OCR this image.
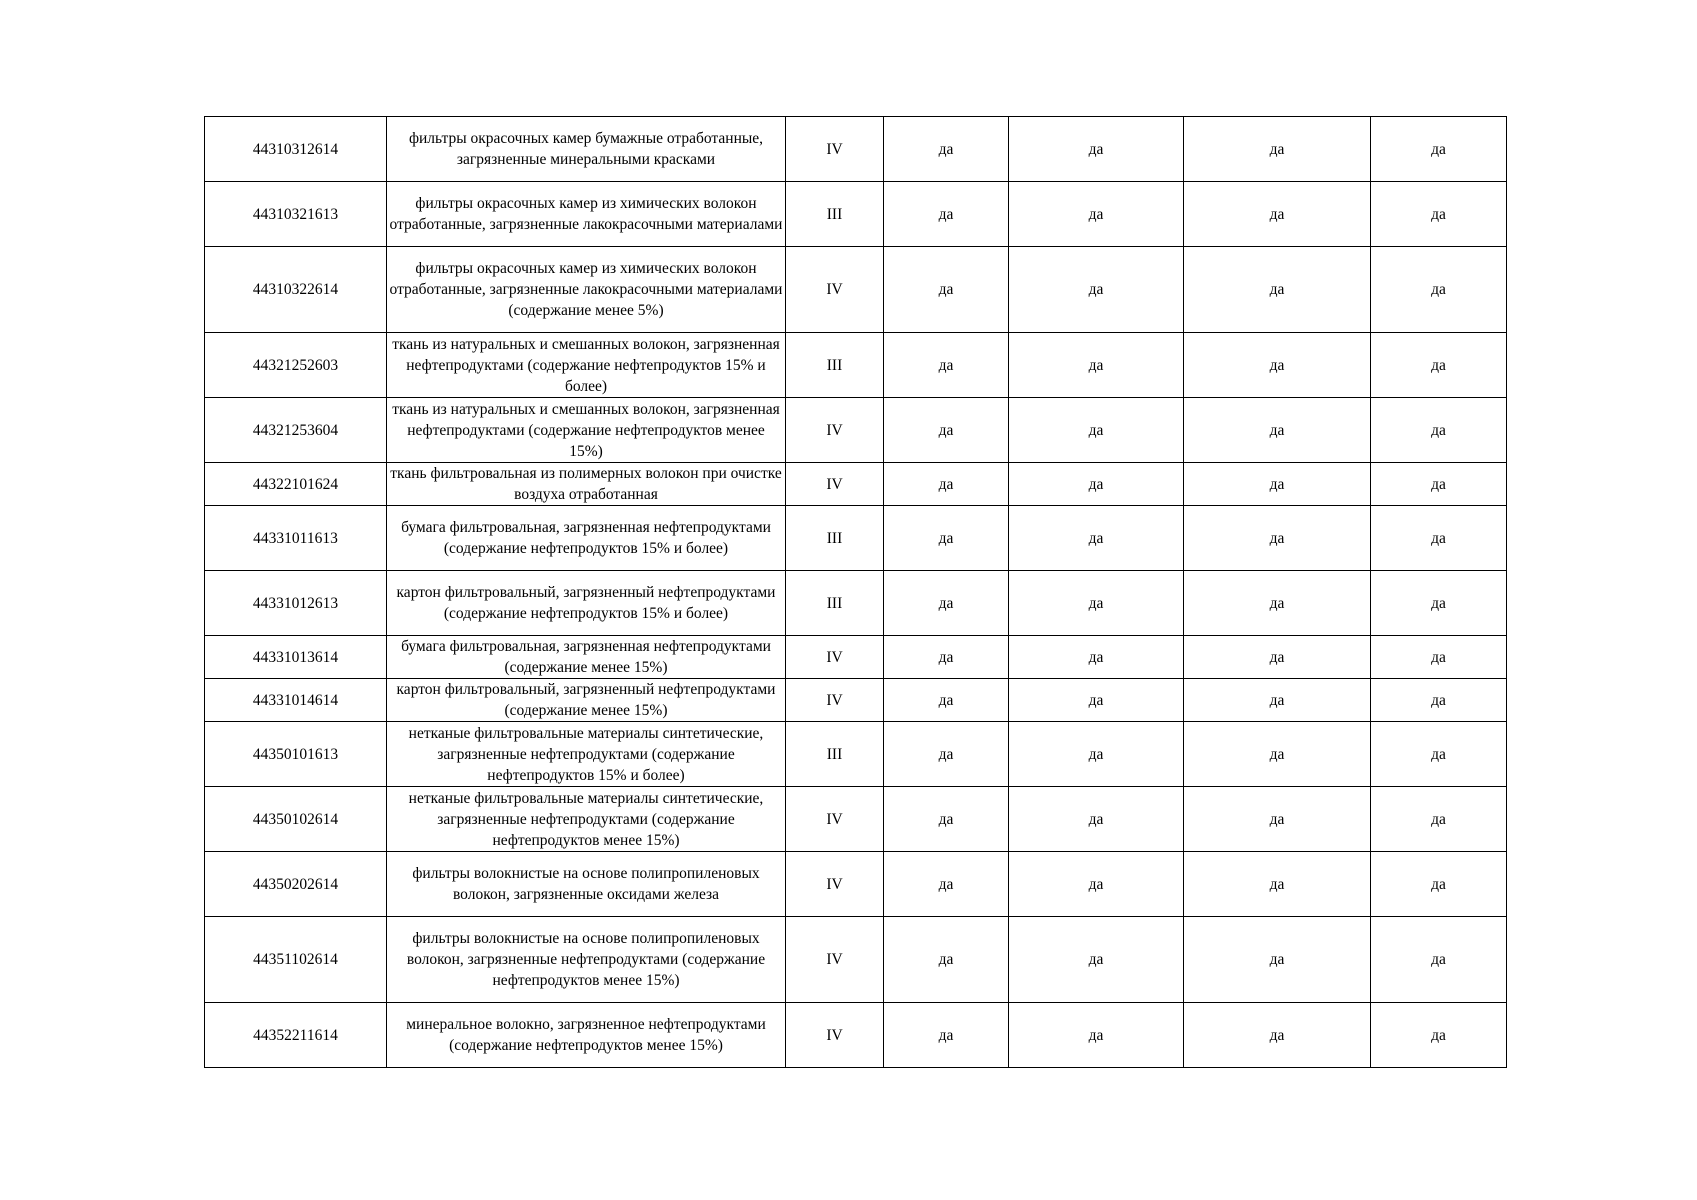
44310312614	фильтры окрасочных камер бумажные отработанные, загрязненные минеральными красками	IV	да	да	да	да
44310321613	фильтры окрасочных камер из химических волокон отработанные, загрязненные лакокрасочными материалами	III	да	да	да	да
44310322614	фильтры окрасочных камер из химических волокон отработанные, загрязненные лакокрасочными материалами (содержание менее 5%)	IV	да	да	да	да
44321252603	ткань из натуральных и смешанных волокон, загрязненная нефтепродуктами (содержание нефтепродуктов 15% и более)	III	да	да	да	да
44321253604	ткань из натуральных и смешанных волокон, загрязненная нефтепродуктами (содержание нефтепродуктов менее 15%)	IV	да	да	да	да
44322101624	ткань фильтровальная из полимерных волокон при очистке воздуха отработанная	IV	да	да	да	да
44331011613	бумага фильтровальная, загрязненная нефтепродуктами (содержание нефтепродуктов 15% и более)	III	да	да	да	да
44331012613	картон фильтровальный, загрязненный нефтепродуктами (содержание нефтепродуктов 15% и более)	III	да	да	да	да
44331013614	бумага фильтровальная, загрязненная нефтепродуктами (содержание менее 15%)	IV	да	да	да	да
44331014614	картон фильтровальный, загрязненный нефтепродуктами (содержание менее 15%)	IV	да	да	да	да
44350101613	нетканые фильтровальные материалы синтетические, загрязненные нефтепродуктами (содержание нефтепродуктов 15% и более)	III	да	да	да	да
44350102614	нетканые фильтровальные материалы синтетические, загрязненные нефтепродуктами (содержание нефтепродуктов менее 15%)	IV	да	да	да	да
44350202614	фильтры волокнистые на основе полипропиленовых волокон, загрязненные оксидами железа	IV	да	да	да	да
44351102614	фильтры волокнистые на основе полипропиленовых волокон, загрязненные нефтепродуктами (содержание нефтепродуктов менее 15%)	IV	да	да	да	да
44352211614	минеральное волокно, загрязненное нефтепродуктами (содержание нефтепродуктов менее 15%)	IV	да	да	да	да
